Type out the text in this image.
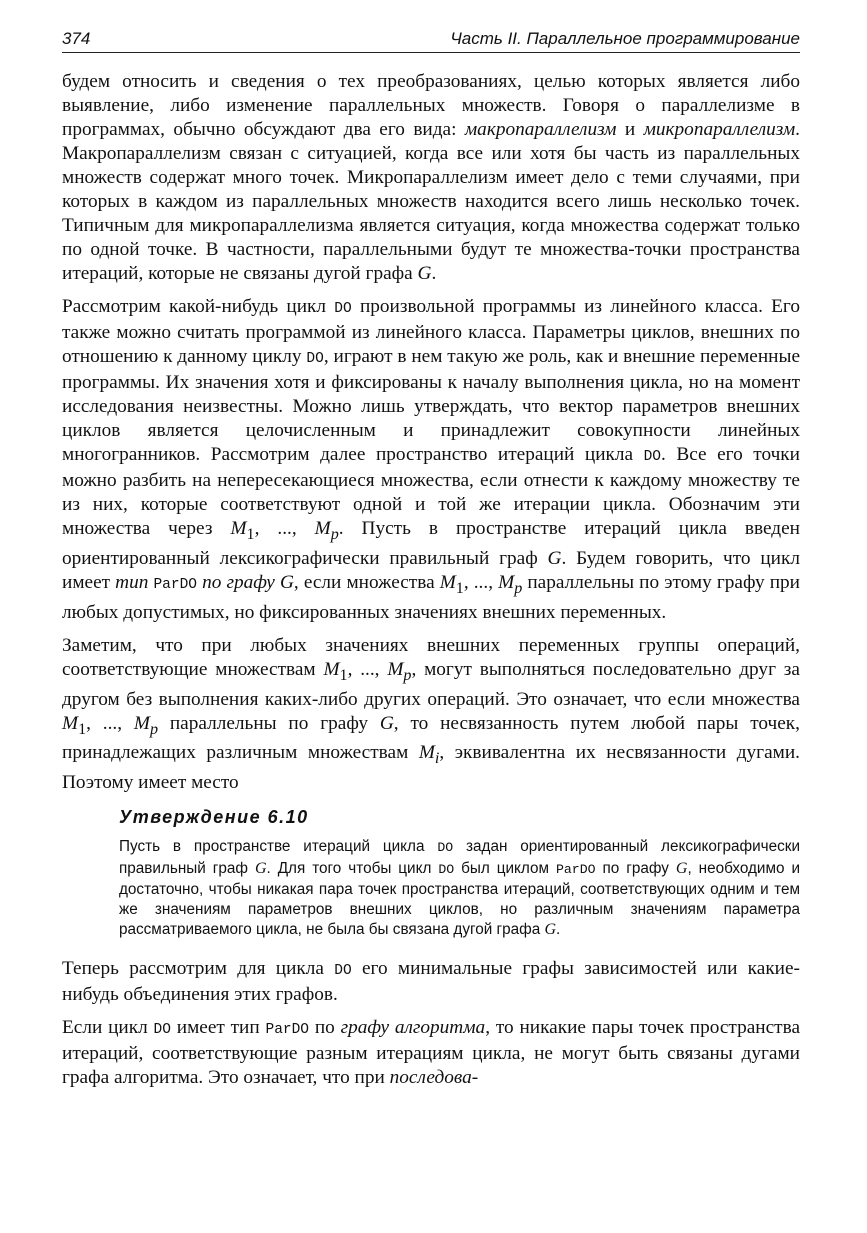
374	Часть II. Параллельное программирование

будем относить и сведения о тех преобразованиях, целью которых является либо выявление, либо изменение параллельных множеств. Говоря о параллелизме в программах, обычно обсуждают два его вида: макропараллелизм и микропараллелизм. Макропараллелизм связан с ситуацией, когда все или хотя бы часть из параллельных множеств содержат много точек. Микропараллелизм имеет дело с теми случаями, при которых в каждом из параллельных множеств находится всего лишь несколько точек. Типичным для микропараллелизма является ситуация, когда множества содержат только по одной точке. В частности, параллельными будут те множества-точки пространства итераций, которые не связаны дугой графа G.

Рассмотрим какой-нибудь цикл DO произвольной программы из линейного класса. Его также можно считать программой из линейного класса. Параметры циклов, внешних по отношению к данному циклу DO, играют в нем такую же роль, как и внешние переменные программы. Их значения хотя и фиксированы к началу выполнения цикла, но на момент исследования неизвестны. Можно лишь утверждать, что вектор параметров внешних циклов является целочисленным и принадлежит совокупности линейных многогранников. Рассмотрим далее пространство итераций цикла DO. Все его точки можно разбить на непересекающиеся множества, если отнести к каждому множеству те из них, которые соответствуют одной и той же итерации цикла. Обозначим эти множества через $M_1$, ..., $M_p$. Пусть в пространстве итераций цикла введен ориентированный лексикографически правильный граф G. Будем говорить, что цикл имеет тип ParDO по графу G, если множества $M_1$, ..., $M_p$ параллельны по этому графу при любых допустимых, но фиксированных значениях внешних переменных.

Заметим, что при любых значениях внешних переменных группы операций, соответствующие множествам $M_1$, ..., $M_p$, могут выполняться последовательно друг за другом без выполнения каких-либо других операций. Это означает, что если множества $M_1$, ..., $M_p$ параллельны по графу G, то несвязанность путем любой пары точек, принадлежащих различным множествам $M_i$, эквивалентна их несвязанности дугами. Поэтому имеет место

Утверждение 6.10
Пусть в пространстве итераций цикла DO задан ориентированный лексикографически правильный граф G. Для того чтобы цикл DO был циклом ParDO по графу G, необходимо и достаточно, чтобы никакая пара точек пространства итераций, соответствующих одним и тем же значениям параметров внешних циклов, но различным значениям параметра рассматриваемого цикла, не была бы связана дугой графа G.

Теперь рассмотрим для цикла DO его минимальные графы зависимостей или какие-нибудь объединения этих графов.

Если цикл DO имеет тип ParDO по графу алгоритма, то никакие пары точек пространства итераций, соответствующие разным итерациям цикла, не могут быть связаны дугами графа алгоритма. Это означает, что при последова-
